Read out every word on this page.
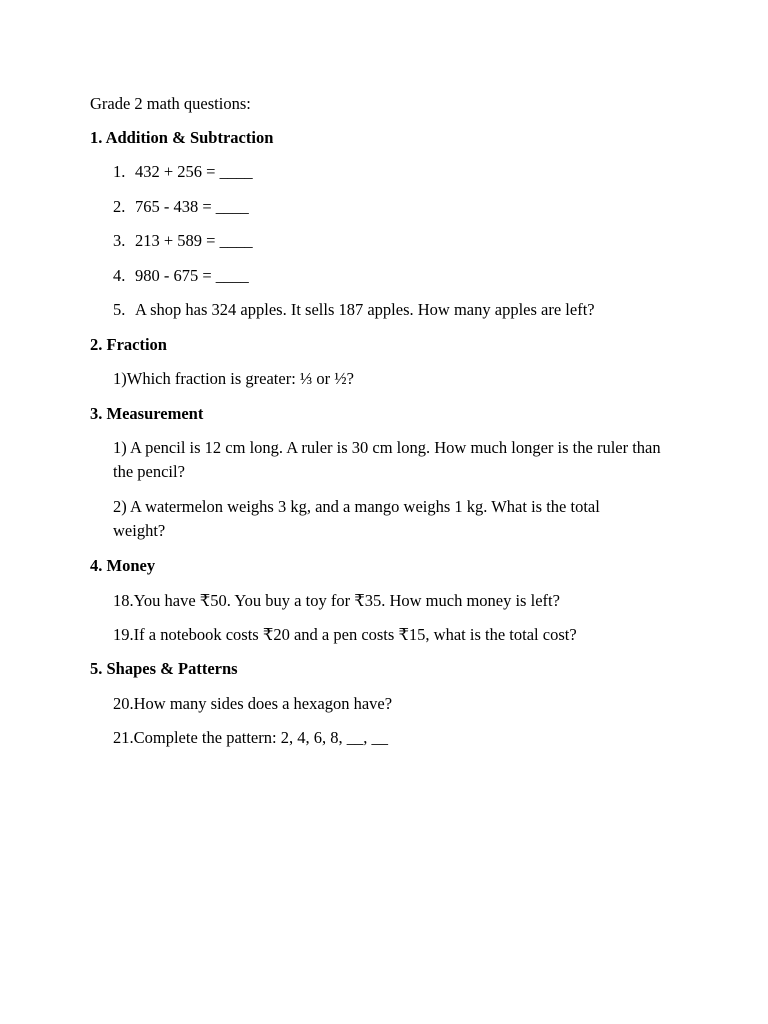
Grade 2 math questions:
1. Addition & Subtraction
1. 432 + 256 = ____
2. 765 - 438 = ____
3. 213 + 589 = ____
4. 980 - 675 = ____
5. A shop has 324 apples. It sells 187 apples. How many apples are left?
2. Fraction
1)Which fraction is greater: ⅓ or ½?
3. Measurement
1) A pencil is 12 cm long. A ruler is 30 cm long. How much longer is the ruler than the pencil?
2) A watermelon weighs 3 kg, and a mango weighs 1 kg. What is the total weight?
4. Money
18.You have ₹50. You buy a toy for ₹35. How much money is left?
19.If a notebook costs ₹20 and a pen costs ₹15, what is the total cost?
5. Shapes & Patterns
20.How many sides does a hexagon have?
21.Complete the pattern: 2, 4, 6, 8, __, __
